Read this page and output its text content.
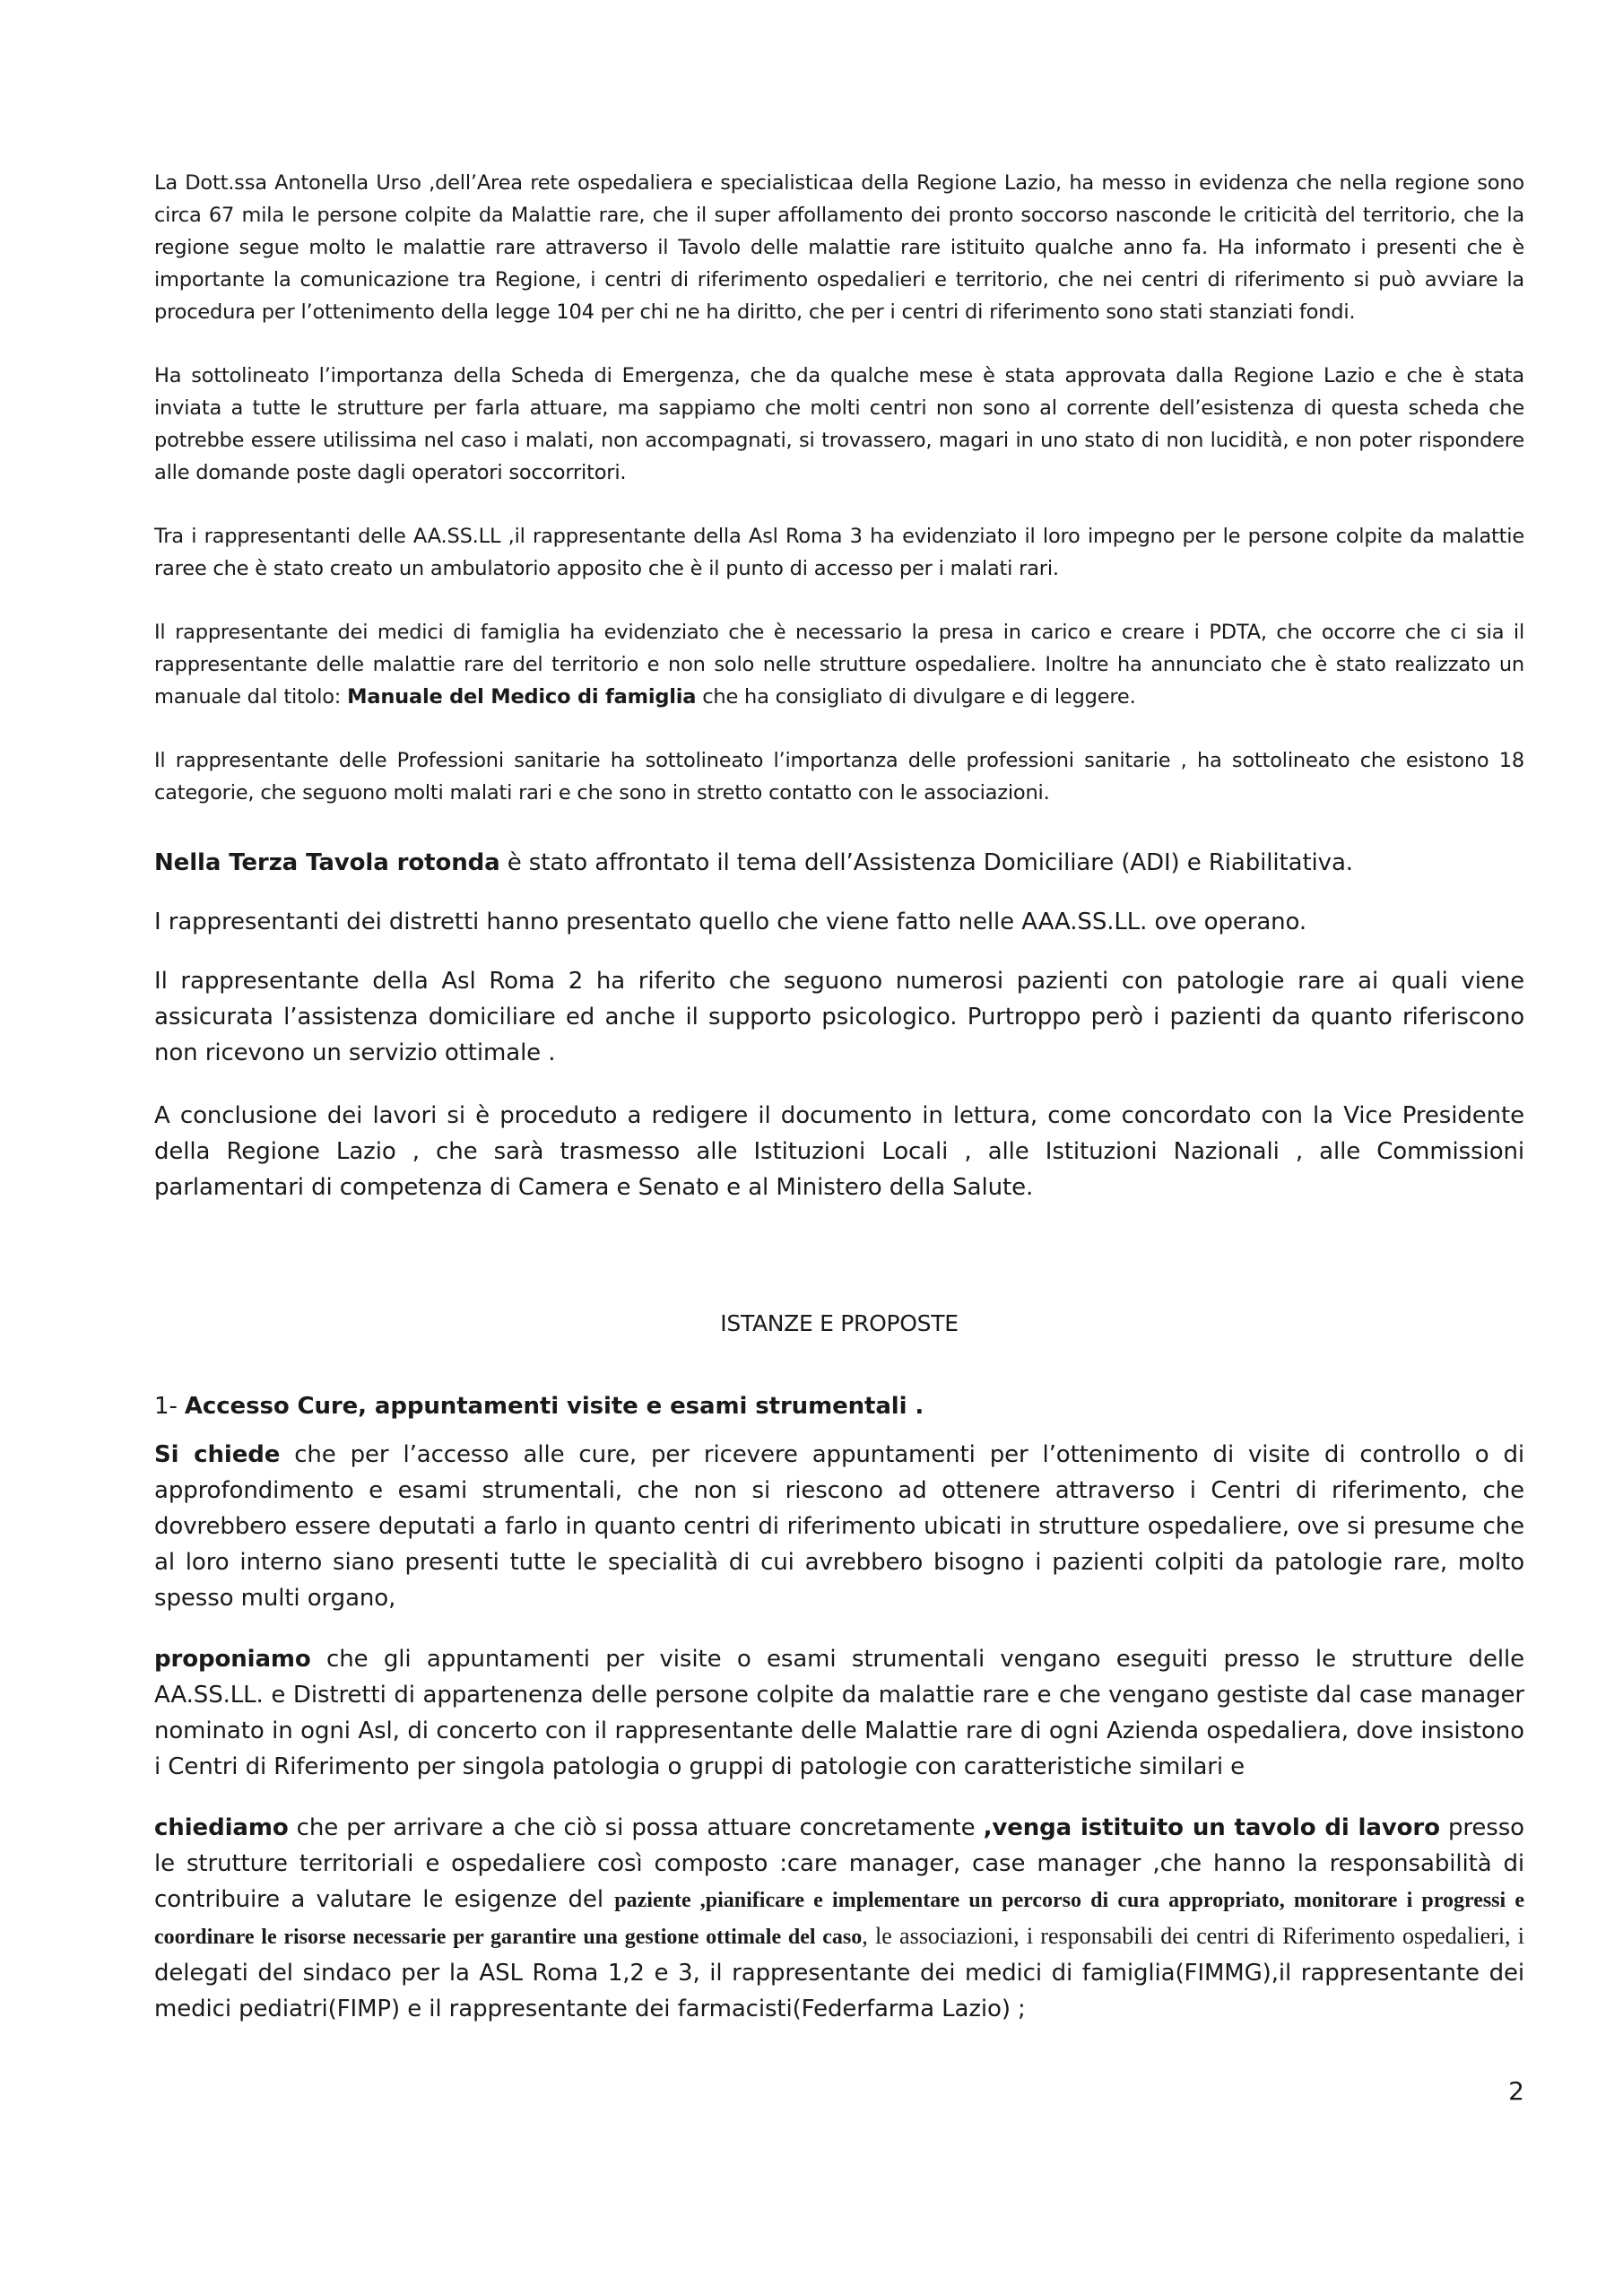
La Dott.ssa Antonella Urso ,dell’Area rete ospedaliera e specialisticaa della Regione Lazio, ha messo in evidenza che nella regione sono circa 67 mila le persone colpite da Malattie rare, che il super affollamento dei pronto soccorso nasconde le criticità del territorio, che la regione segue molto le malattie rare attraverso il Tavolo delle malattie rare istituito qualche anno fa. Ha informato i presenti che è importante la comunicazione tra Regione, i centri di riferimento ospedalieri e territorio, che nei centri di riferimento si può avviare la procedura per l’ottenimento della legge 104 per chi ne ha diritto, che per i centri di riferimento sono stati stanziati fondi.

Ha sottolineato l’importanza della Scheda di Emergenza, che da qualche mese è stata approvata dalla Regione Lazio e che è stata inviata a tutte le strutture per farla attuare, ma sappiamo che molti centri non sono al corrente dell’esistenza di questa scheda che potrebbe essere utilissima nel caso i malati, non accompagnati, si trovassero, magari in uno stato di non lucidità, e non poter rispondere alle domande poste dagli operatori soccorritori.

Tra i rappresentanti delle AA.SS.LL ,il rappresentante della Asl Roma 3 ha evidenziato il loro impegno per le persone colpite da malattie raree che è stato creato un ambulatorio apposito che è il punto di accesso per i malati rari.

Il rappresentante dei medici di famiglia ha evidenziato che è necessario la presa in carico e creare i PDTA, che occorre che ci sia il rappresentante delle malattie rare del territorio e non solo nelle strutture ospedaliere. Inoltre ha annunciato che è stato realizzato un manuale dal titolo: Manuale del Medico di famiglia che ha consigliato di divulgare e di leggere.

Il rappresentante delle Professioni sanitarie ha sottolineato l’importanza delle professioni sanitarie , ha sottolineato che esistono 18 categorie, che seguono molti malati rari e che sono in stretto contatto con le associazioni.

Nella Terza Tavola rotonda è stato affrontato il tema dell’Assistenza Domiciliare (ADI) e Riabilitativa.

I rappresentanti dei distretti hanno presentato quello che viene fatto nelle AAA.SS.LL. ove operano.

Il rappresentante della Asl Roma 2 ha riferito che seguono numerosi pazienti con patologie rare ai quali viene assicurata l’assistenza domiciliare ed anche il supporto psicologico. Purtroppo però i pazienti da quanto riferiscono non ricevono un servizio ottimale .

A conclusione dei lavori si è proceduto a redigere il documento in lettura, come concordato con la Vice Presidente della Regione Lazio , che sarà trasmesso alle Istituzioni Locali , alle Istituzioni Nazionali , alle Commissioni parlamentari di competenza di Camera e Senato e al Ministero della Salute.

ISTANZE E PROPOSTE

1- Accesso Cure, appuntamenti visite e esami strumentali .

Si chiede che per l’accesso alle cure, per ricevere appuntamenti per l’ottenimento di visite di controllo o di approfondimento e esami strumentali, che non si riescono ad ottenere attraverso i Centri di riferimento, che dovrebbero essere deputati a farlo in quanto centri di riferimento ubicati in strutture ospedaliere, ove si presume che al loro interno siano presenti tutte le specialità di cui avrebbero bisogno i pazienti colpiti da patologie rare, molto spesso multi organo,

proponiamo che gli appuntamenti per visite o esami strumentali vengano eseguiti presso le strutture delle AA.SS.LL. e Distretti di appartenenza delle persone colpite da malattie rare e che vengano gestiste dal case manager nominato in ogni Asl, di concerto con il rappresentante delle Malattie rare di ogni Azienda ospedaliera, dove insistono i Centri di Riferimento per singola patologia o gruppi di patologie con caratteristiche similari e

chiediamo che per arrivare a che ciò si possa attuare concretamente ,venga istituito un tavolo di lavoro presso le strutture territoriali e ospedaliere così composto :care manager, case manager ,che hanno la responsabilità di contribuire a valutare le esigenze del paziente ,pianificare e implementare un percorso di cura appropriato, monitorare i progressi e coordinare le risorse necessarie per garantire una gestione ottimale del caso, le associazioni, i responsabili dei centri di Riferimento ospedalieri, i delegati del sindaco per la ASL Roma 1,2 e 3, il rappresentante dei medici di famiglia(FIMMG),il rappresentante dei medici pediatri(FIMP) e il rappresentante dei farmacisti(Federfarma Lazio) ;

2
